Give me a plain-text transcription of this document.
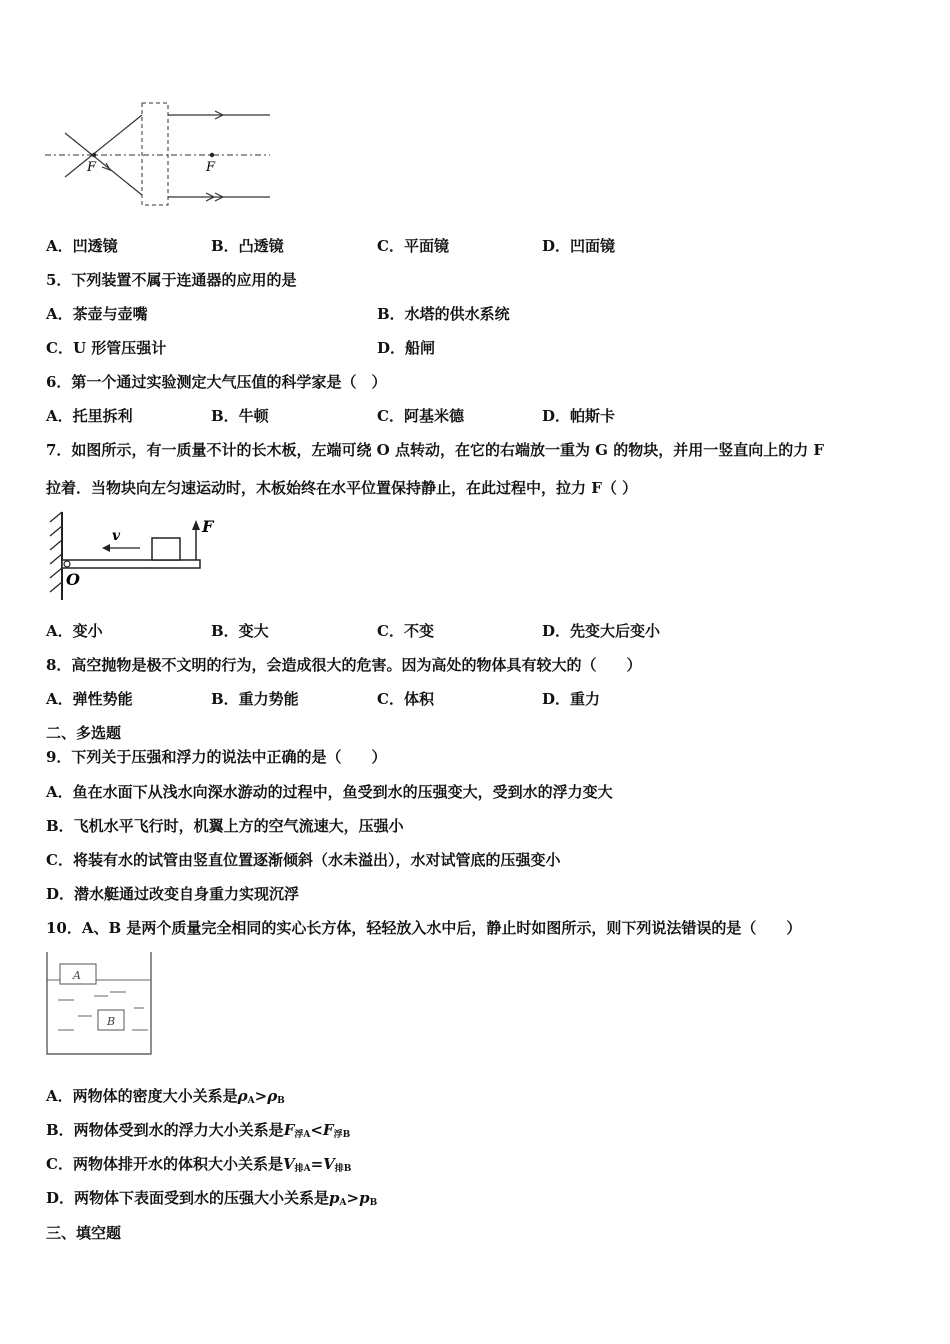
F	F
A．凹透镜	B．凸透镜	C．平面镜	D．凹面镜
5．下列装置不属于连通器的应用的是
A．茶壶与壶嘴	B．水塔的供水系统
C．U 形管压强计	D．船闸
6．第一个通过实验测定大气压值的科学家是（　）
A．托里拆利	B．牛顿	C．阿基米德	D．帕斯卡
7．如图所示，有一质量不计的长木板，左端可绕 O 点转动，在它的右端放一重为 G 的物块，并用一竖直向上的力 F
拉着．当物块向左匀速运动时，木板始终在水平位置保持静止，在此过程中，拉力 F（ ）
v	F
O
A．变小	B．变大	C．不变	D．先变大后变小
8．高空抛物是极不文明的行为，会造成很大的危害。因为高处的物体具有较大的（　　）
A．弹性势能	B．重力势能	C．体积	D．重力
二、多选题
9．下列关于压强和浮力的说法中正确的是（　　）
A．鱼在水面下从浅水向深水游动的过程中，鱼受到水的压强变大，受到水的浮力变大
B．飞机水平飞行时，机翼上方的空气流速大，压强小
C．将装有水的试管由竖直位置逐渐倾斜（水未溢出），水对试管底的压强变小
D．潜水艇通过改变自身重力实现沉浮
10．A、B 是两个质量完全相同的实心长方体，轻轻放入水中后，静止时如图所示，则下列说法错误的是（　　）
A
B
A．两物体的密度大小关系是$\rho_A>\rho_B$
B．两物体受到水的浮力大小关系是$F_{浮A}<F_{浮B}$
C．两物体排开水的体积大小关系是$V_{排A}=V_{排B}$
D．两物体下表面受到水的压强大小关系是$p_A>p_B$
三、填空题
